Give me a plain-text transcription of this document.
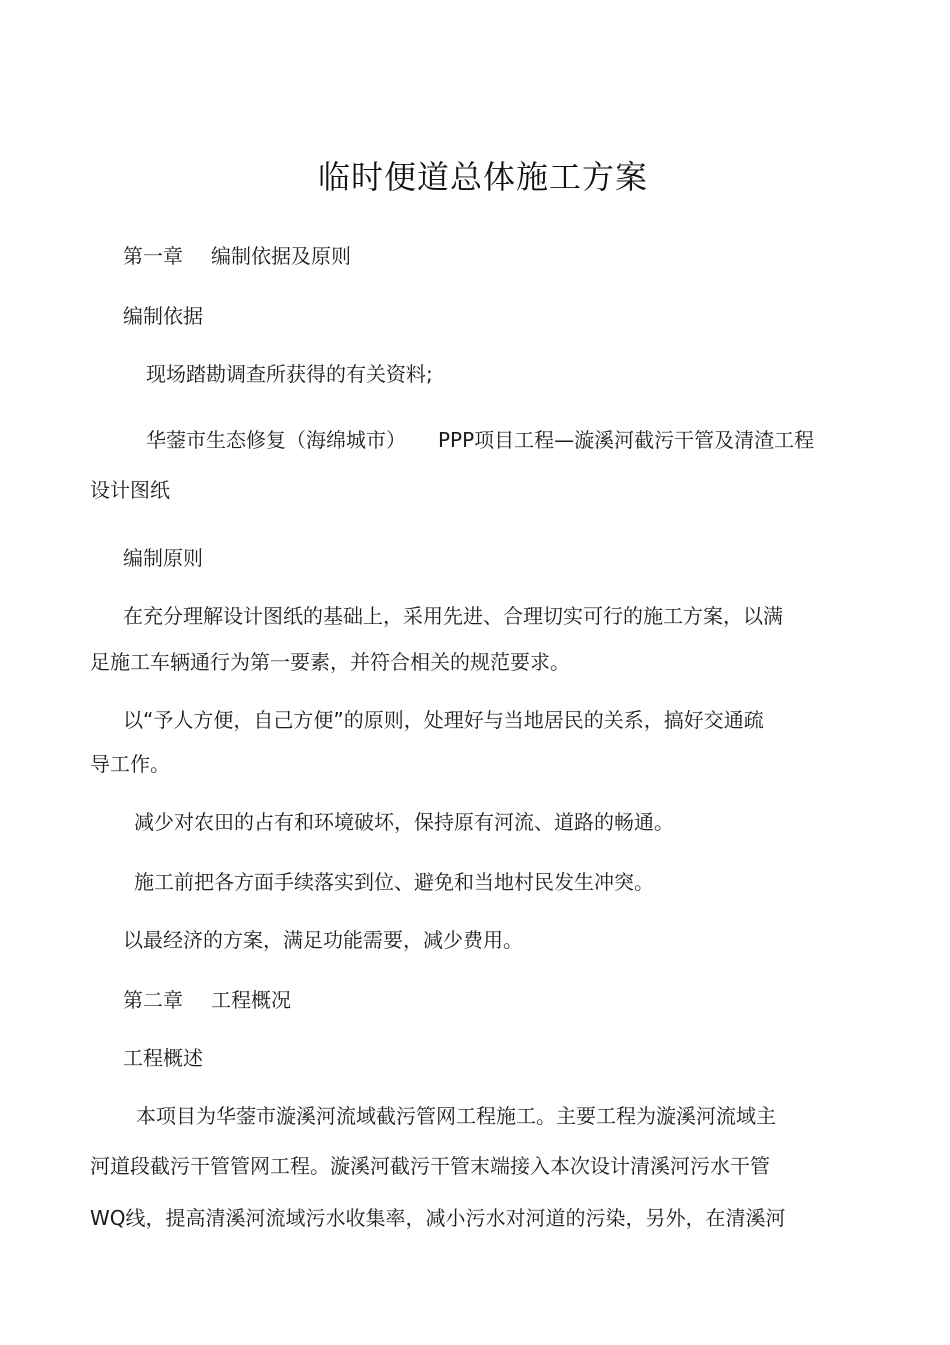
临时便道总体施工方案
第一章 编制依据及原则
编制依据
现场踏勘调查所获得的有关资料;
华蓥市生态修复（海绵城市） PPP项目工程—漩溪河截污干管及清渣工程
设计图纸
编制原则
在充分理解设计图纸的基础上，采用先进、合理切实可行的施工方案，以满
足施工车辆通行为第一要素，并符合相关的规范要求。
以“予人方便，自己方便”的原则，处理好与当地居民的关系，搞好交通疏
导工作。
减少对农田的占有和环境破坏，保持原有河流、道路的畅通。
施工前把各方面手续落实到位、避免和当地村民发生冲突。
以最经济的方案，满足功能需要，减少费用。
第二章 工程概况
工程概述
本项目为华蓥市漩溪河流域截污管网工程施工。主要工程为漩溪河流域主
河道段截污干管管网工程。漩溪河截污干管末端接入本次设计清溪河污水干管
WQ线，提高清溪河流域污水收集率，减小污水对河道的污染，另外，在清溪河
